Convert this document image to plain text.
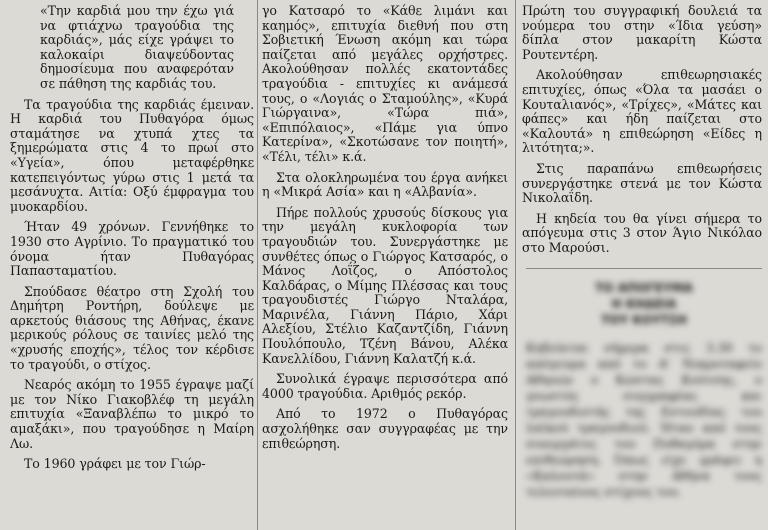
«Την καρδιά μου την έχω γιά να φτιάχνω τραγούδια της καρδιάς», μάς είχε γράψει το καλοκαίρι διαψεύδοντας δημοσίευμα που αναφερόταν σε πάθηση της καρδιάς του.

Τα τραγούδια της καρδιάς έμειναν. Η καρδιά του Πυθαγόρα όμως σταμάτησε να χτυπά χτες τα ξημερώματα στις 4 το πρωί στο «Υγεία», όπου μεταφέρθηκε κατεπειγόντως γύρω στις 1 μετά τα μεσάνυχτα. Αιτία: Οξύ έμφραγμα του μυοκαρδίου.

Ήταν 49 χρόνων. Γεννήθηκε το 1930 στο Αγρίνιο. Το πραγματικό του όνομα ήταν Πυθαγόρας Παπασταματίου.

Σπούδασε θέατρο στη Σχολή του Δημήτρη Ροντήρη, δούλεψε με αρκετούς θιάσους της Αθήνας, έκανε μερικούς ρόλους σε ταινίες μελό της «χρυσής εποχής», τέλος τον κέρδισε το τραγούδι, ο στίχος.

Νεαρός ακόμη το 1955 έγραψε μαζί με τον Νίκο Γιακοβλέφ τη μεγάλη επιτυχία «Ξαναβλέπω το μικρό το αμαξάκι», που τραγούδησε η Μαίρη Λω.

Το 1960 γράφει με τον Γιώρ-

γο Κατσαρό το «Κάθε λιμάνι και καημός», επιτυχία διεθνή που στη Σοβιετική Ένωση ακόμη και τώρα παίζεται από μεγάλες ορχήστρες. Ακολούθησαν πολλές εκατοντάδες τραγούδια - επιτυχίες κι ανάμεσά τους, ο «Λογιάς ο Σταμούλης», «Κυρά Γιώργαινα», «Τώρα πιά», «Επιπόλαιος», «Πάμε για ύπνο Κατερίνα», «Σκοτώσανε τον ποιητή», «Τέλι, τέλι» κ.ά.

Στα ολοκληρωμένα του έργα ανήκει η «Μικρά Ασία» και η «Αλβανία».

Πήρε πολλούς χρυσούς δίσκους για την μεγάλη κυκλοφορία των τραγουδιών του. Συνεργάστηκε με συνθέτες όπως ο Γιώργος Κατσαρός, ο Μάνος Λοΐζος, ο Απόστολος Καλδάρας, ο Μίμης Πλέσσας και τους τραγουδιστές Γιώργο Νταλάρα, Μαρινέλα, Γιάννη Πάριο, Χάρι Αλεξίου, Στέλιο Καζαντζίδη, Γιάννη Πουλόπουλο, Τζένη Βάνου, Αλέκα Κανελλίδου, Γιάννη Καλατζή κ.ά.

Συνολικά έγραψε περισσότερα από 4000 τραγούδια. Αριθμός ρεκόρ.

Από το 1972 ο Πυθαγόρας ασχολήθηκε σαν συγγραφέας με την επιθεώρηση.

Πρώτη του συγγραφική δουλειά τα νούμερα του στην «Ίδια γεύση» δίπλα στον μακαρίτη Κώστα Ρουτεντέρη.

Ακολούθησαν επιθεωρησιακές επιτυχίες, όπως «Όλα τα μασάει ο Κουταλιανός», «Τρίχες», «Μάτες και φάπες» και ήδη παίζεται στο «Καλουτά» η επιθεώρηση «Είδες η λιτότητα;».

Στις παραπάνω επιθεωρήσεις συνεργάστηκε στενά με τον Κώστα Νικολαΐδη.

Η κηδεία του θα γίνει σήμερα το απόγευμα στις 3 στον Άγιο Νικόλαο στο Μαρούσι.

ΤΟ ΑΠΟΓΕΥΜΑ
Η ΚΗΔΕΙΑ
ΤΟΥ ΚΟΥΤΣΗ
Κηδεύεται σήμερα στις 3.30 το απόγευμα από το Α' Νεκροταφείο Αθηνών ο Κώστας Κούτσης, ο γνωστός συγγραφέας και τραγουδιστής της Εστουδίας του λαϊκού τραγουδιού. Ήταν από τους συνεργάτες του Πυθαγόρα στην επιθεώρηση. Όπως είχε γράψει η «Καλουτά» στην Αθήνα τους τελευταίους στίχους του.
